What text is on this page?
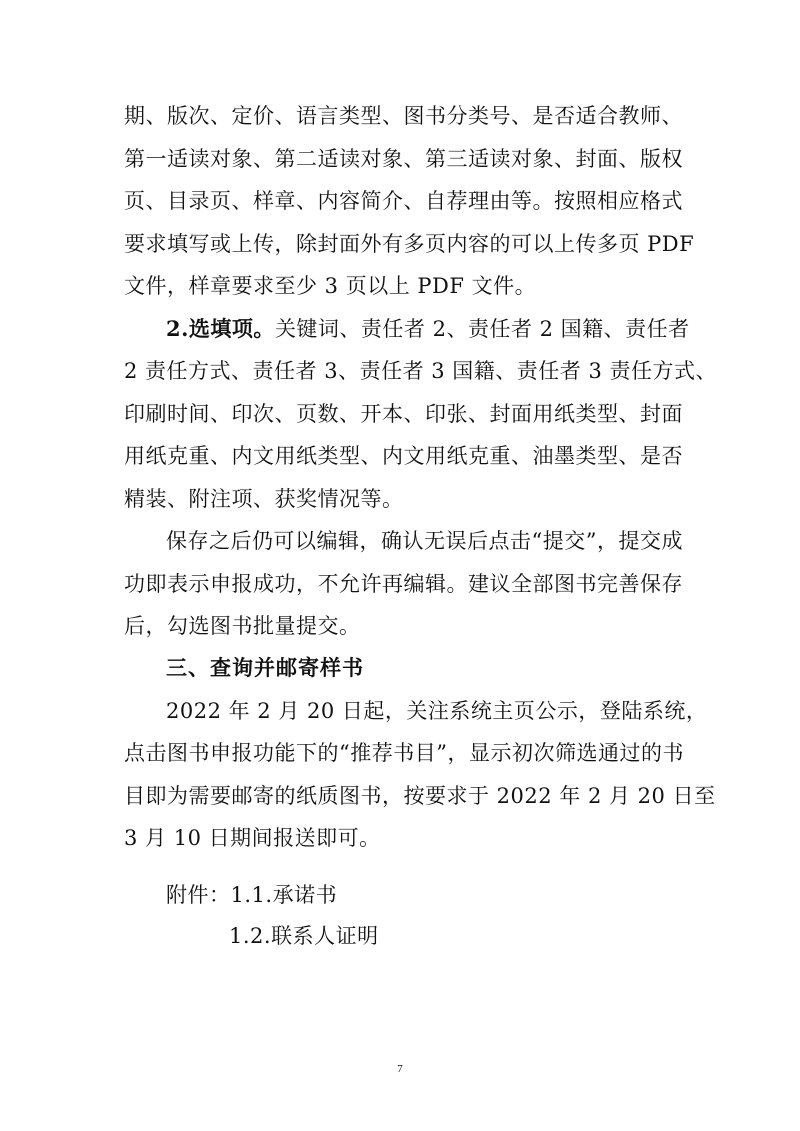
期、版次、定价、语言类型、图书分类号、是否适合教师、
第一适读对象、第二适读对象、第三适读对象、封面、版权
页、目录页、样章、内容简介、自荐理由等。按照相应格式
要求填写或上传，除封面外有多页内容的可以上传多页 PDF
文件，样章要求至少 3 页以上 PDF 文件。
2.选填项。关键词、责任者 2、责任者 2 国籍、责任者
2 责任方式、责任者 3、责任者 3 国籍、责任者 3 责任方式、
印刷时间、印次、页数、开本、印张、封面用纸类型、封面
用纸克重、内文用纸类型、内文用纸克重、油墨类型、是否
精装、附注项、获奖情况等。
保存之后仍可以编辑，确认无误后点击“提交”，提交成
功即表示申报成功，不允许再编辑。建议全部图书完善保存
后，勾选图书批量提交。
三、查询并邮寄样书
2022 年 2 月 20 日起，关注系统主页公示，登陆系统，
点击图书申报功能下的“推荐书目”，显示初次筛选通过的书
目即为需要邮寄的纸质图书，按要求于 2022 年 2 月 20 日至
3 月 10 日期间报送即可。
附件：1.1.承诺书
1.2.联系人证明
7
